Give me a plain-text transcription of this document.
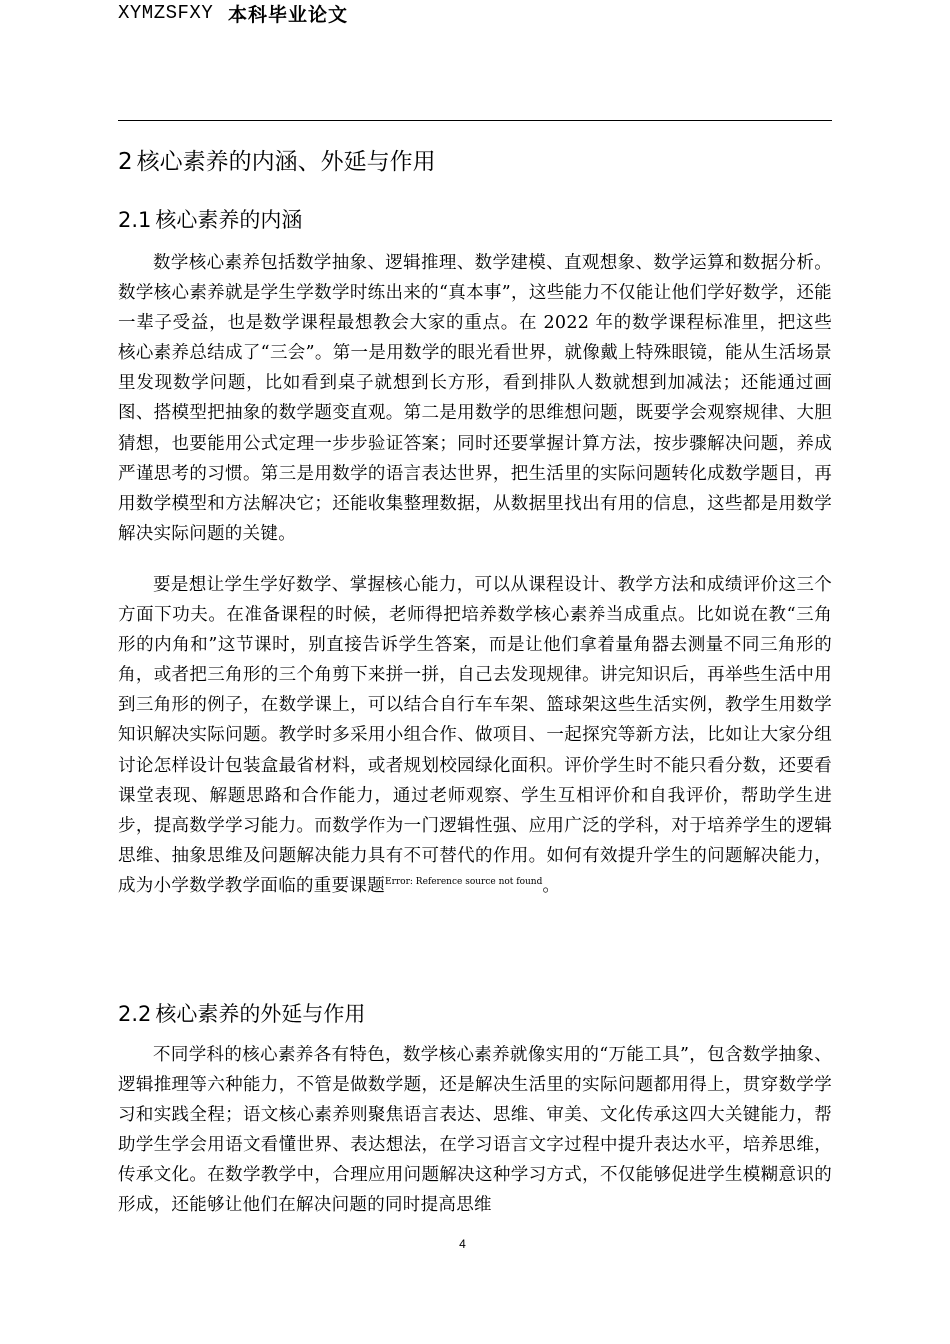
XYMZSFXY 本科毕业论文
2 核心素养的内涵、外延与作用
2.1 核心素养的内涵
数学核心素养包括数学抽象、逻辑推理、数学建模、直观想象、数学运算和数据分析。数学核心素养就是学生学数学时练出来的“真本事”，这些能力不仅能让他们学好数学，还能一辈子受益，也是数学课程最想教会大家的重点。在 2022 年的数学课程标准里，把这些核心素养总结成了“三会”。第一是用数学的眼光看世界，就像戴上特殊眼镜，能从生活场景里发现数学问题，比如看到桌子就想到长方形，看到排队人数就想到加减法；还能通过画图、搭模型把抽象的数学题变直观。第二是用数学的思维想问题，既要学会观察规律、大胆猜想，也要能用公式定理一步步验证答案；同时还要掌握计算方法，按步骤解决问题，养成严谨思考的习惯。第三是用数学的语言表达世界，把生活里的实际问题转化成数学题目，再用数学模型和方法解决它；还能收集整理数据，从数据里找出有用的信息，这些都是用数学解决实际问题的关键。
要是想让学生学好数学、掌握核心能力，可以从课程设计、教学方法和成绩评价这三个方面下功夫。在准备课程的时候，老师得把培养数学核心素养当成重点。比如说在教“三角形的内角和”这节课时，别直接告诉学生答案，而是让他们拿着量角器去测量不同三角形的角，或者把三角形的三个角剪下来拼一拼，自己去发现规律。讲完知识后，再举些生活中用到三角形的例子，在数学课上，可以结合自行车车架、篮球架这些生活实例，教学生用数学知识解决实际问题。教学时多采用小组合作、做项目、一起探究等新方法，比如让大家分组讨论怎样设计包装盒最省材料，或者规划校园绿化面积。评价学生时不能只看分数，还要看课堂表现、解题思路和合作能力，通过老师观察、学生互相评价和自我评价，帮助学生进步，提高数学学习能力。而数学作为一门逻辑性强、应用广泛的学科，对于培养学生的逻辑思维、抽象思维及问题解决能力具有不可替代的作用。如何有效提升学生的问题解决能力，成为小学数学教学面临的重要课题$^{Error: Reference source not found}$。
2.2 核心素养的外延与作用
不同学科的核心素养各有特色，数学核心素养就像实用的“万能工具”，包含数学抽象、逻辑推理等六种能力，不管是做数学题，还是解决生活里的实际问题都用得上，贯穿数学学习和实践全程；语文核心素养则聚焦语言表达、思维、审美、文化传承这四大关键能力，帮助学生学会用语文看懂世界、表达想法，在学习语言文字过程中提升表达水平，培养思维，传承文化。在数学教学中，合理应用问题解决这种学习方式，不仅能够促进学生模糊意识的形成，还能够让他们在解决问题的同时提高思维
4
